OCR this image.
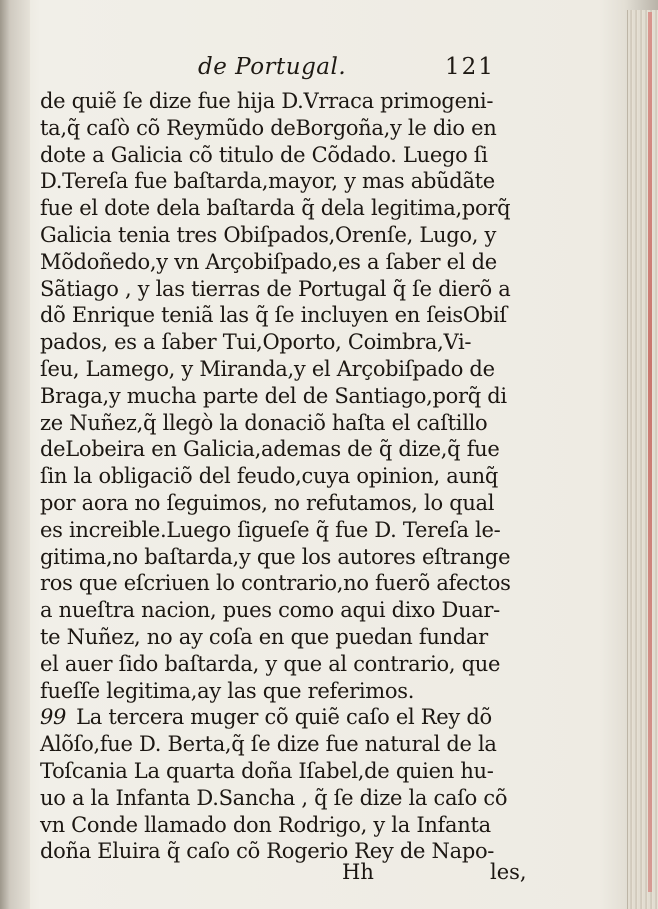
de Portugal.	121
de quiẽ ſe dize fue hija D.Vrraca primogeni-
ta,q̃ caſò cõ Reymũdo deBorgoña,y le dio en
dote a Galicia cõ titulo de Cõdado. Luego ſi
D.Tereſa fue baſtarda,mayor, y mas abũdãte
fue el dote dela baſtarda q̃ dela legitima,porq̃
Galicia tenia tres Obiſpados,Orenſe, Lugo, y
Mõdoñedo,y vn Arçobiſpado,es a ſaber el de
Sãtiago , y las tierras de Portugal q̃ ſe dierõ a
dõ Enrique teniã las q̃ ſe incluyen en ſeisObiſ
pados, es a ſaber Tui,Oporto, Coimbra,Vi-
ſeu, Lamego, y Miranda,y el Arçobiſpado de
Braga,y mucha parte del de Santiago,porq̃ di
ze Nuñez,q̃ llegò la donaciõ haſta el caſtillo
deLobeira en Galicia,ademas de q̃ dize,q̃ fue
ſin la obligaciõ del feudo,cuya opinion, aunq̃
por aora no ſeguimos, no refutamos, lo qual
es increible.Luego ſiguеſe q̃ fue D. Tereſa le-
gitima,no baſtarda,y que los autores eſtrange
ros que eſcriuen lo contrario,no fuerõ afectos
a nueſtra nacion, pues como aqui dixo Duar-
te Nuñez, no ay coſa en que puedan fundar
el auer ſido baſtarda, y que al contrario, que
fueſſe legitima,ay las que referimos.
99 La tercera muger cõ quiẽ caſo el Rey dõ
Alõſo,fue D. Berta,q̃ ſe dize fue natural de la
Toſcania La quarta doña Iſabel,de quien hu-
uo a la Infanta D.Sancha , q̃ ſe dize la caſo cõ
vn Conde llamado don Rodrigo, y la Infanta
doña Eluira q̃ caſo cõ Rogerio Rey de Napo-
Hh	les,
